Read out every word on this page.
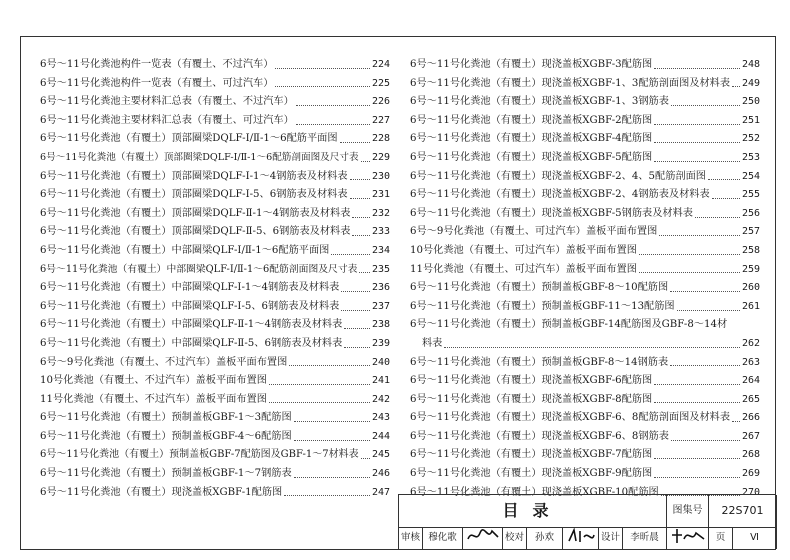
6号～11号化粪池构件一览表（有覆土、不过汽车）	224
6号～11号化粪池构件一览表（有覆土、可过汽车）	225
6号～11号化粪池主要材料汇总表（有覆土、不过汽车）	226
6号～11号化粪池主要材料汇总表（有覆土、可过汽车）	227
6号～11号化粪池（有覆土）顶部圈梁DQLF-Ⅰ/Ⅱ-1～6配筋平面图	228
6号～11号化粪池（有覆土）顶部圈梁DQLF-Ⅰ/Ⅱ-1～6配筋剖面图及尺寸表 229
6号～11号化粪池（有覆土）顶部圈梁DQLF-Ⅰ-1～4钢筋表及材料表 230
6号～11号化粪池（有覆土）顶部圈梁DQLF-Ⅰ-5、6钢筋表及材料表 231
6号～11号化粪池（有覆土）顶部圈梁DQLF-Ⅱ-1～4钢筋表及材料表 232
6号～11号化粪池（有覆土）顶部圈梁DQLF-Ⅱ-5、6钢筋表及材料表 233
6号～11号化粪池（有覆土）中部圈梁QLF-Ⅰ/Ⅱ-1～6配筋平面图	234
6号～11号化粪池（有覆土）中部圈梁QLF-Ⅰ/Ⅱ-1～6配筋剖面图及尺寸表 235
6号～11号化粪池（有覆土）中部圈梁QLF-Ⅰ-1～4钢筋表及材料表	236
6号～11号化粪池（有覆土）中部圈梁QLF-Ⅰ-5、6钢筋表及材料表	237
6号～11号化粪池（有覆土）中部圈梁QLF-Ⅱ-1～4钢筋表及材料表	238
6号～11号化粪池（有覆土）中部圈梁QLF-Ⅱ-5、6钢筋表及材料表	239
6号～9号化粪池（有覆土、不过汽车）盖板平面布置图	240
10号化粪池（有覆土、不过汽车）盖板平面布置图	241
11号化粪池（有覆土、不过汽车）盖板平面布置图	242
6号～11号化粪池（有覆土）预制盖板GBF-1～3配筋图	243
6号～11号化粪池（有覆土）预制盖板GBF-4～6配筋图	244
6号～11号化粪池（有覆土）预制盖板GBF-7配筋图及GBF-1～7材料表 245
6号～11号化粪池（有覆土）预制盖板GBF-1～7钢筋表	246
6号～11号化粪池（有覆土）现浇盖板XGBF-1配筋图	247
6号～11号化粪池（有覆土）现浇盖板XGBF-3配筋图	248
6号～11号化粪池（有覆土）现浇盖板XGBF-1、3配筋剖面图及材料表 249
6号～11号化粪池（有覆土）现浇盖板XGBF-1、3钢筋表	250
6号～11号化粪池（有覆土）现浇盖板XGBF-2配筋图	251
6号～11号化粪池（有覆土）现浇盖板XGBF-4配筋图	252
6号～11号化粪池（有覆土）现浇盖板XGBF-5配筋图	253
6号～11号化粪池（有覆土）现浇盖板XGBF-2、4、5配筋剖面图	254
6号～11号化粪池（有覆土）现浇盖板XGBF-2、4钢筋表及材料表	255
6号～11号化粪池（有覆土）现浇盖板XGBF-5钢筋表及材料表	256
6号～9号化粪池（有覆土、可过汽车）盖板平面布置图	257
10号化粪池（有覆土、可过汽车）盖板平面布置图	258
11号化粪池（有覆土、可过汽车）盖板平面布置图	259
6号～11号化粪池（有覆土）预制盖板GBF-8～10配筋图	260
6号～11号化粪池（有覆土）预制盖板GBF-11～13配筋图	261
6号～11号化粪池（有覆土）预制盖板GBF-14配筋图及GBF-8～14材
料表	262
6号～11号化粪池（有覆土）预制盖板GBF-8～14钢筋表	263
6号～11号化粪池（有覆土）现浇盖板XGBF-6配筋图	264
6号～11号化粪池（有覆土）现浇盖板XGBF-8配筋图	265
6号～11号化粪池（有覆土）现浇盖板XGBF-6、8配筋剖面图及材料表 266
6号～11号化粪池（有覆土）现浇盖板XGBF-6、8钢筋表	267
6号～11号化粪池（有覆土）现浇盖板XGBF-7配筋图	268
6号～11号化粪池（有覆土）现浇盖板XGBF-9配筋图	269
6号～11号化粪池（有覆土）现浇盖板XGBF-10配筋图	270
目录	图集号	22S701
审核 穆化歌	校对	孙欢	设计	李昕晨	页	Ⅵ
